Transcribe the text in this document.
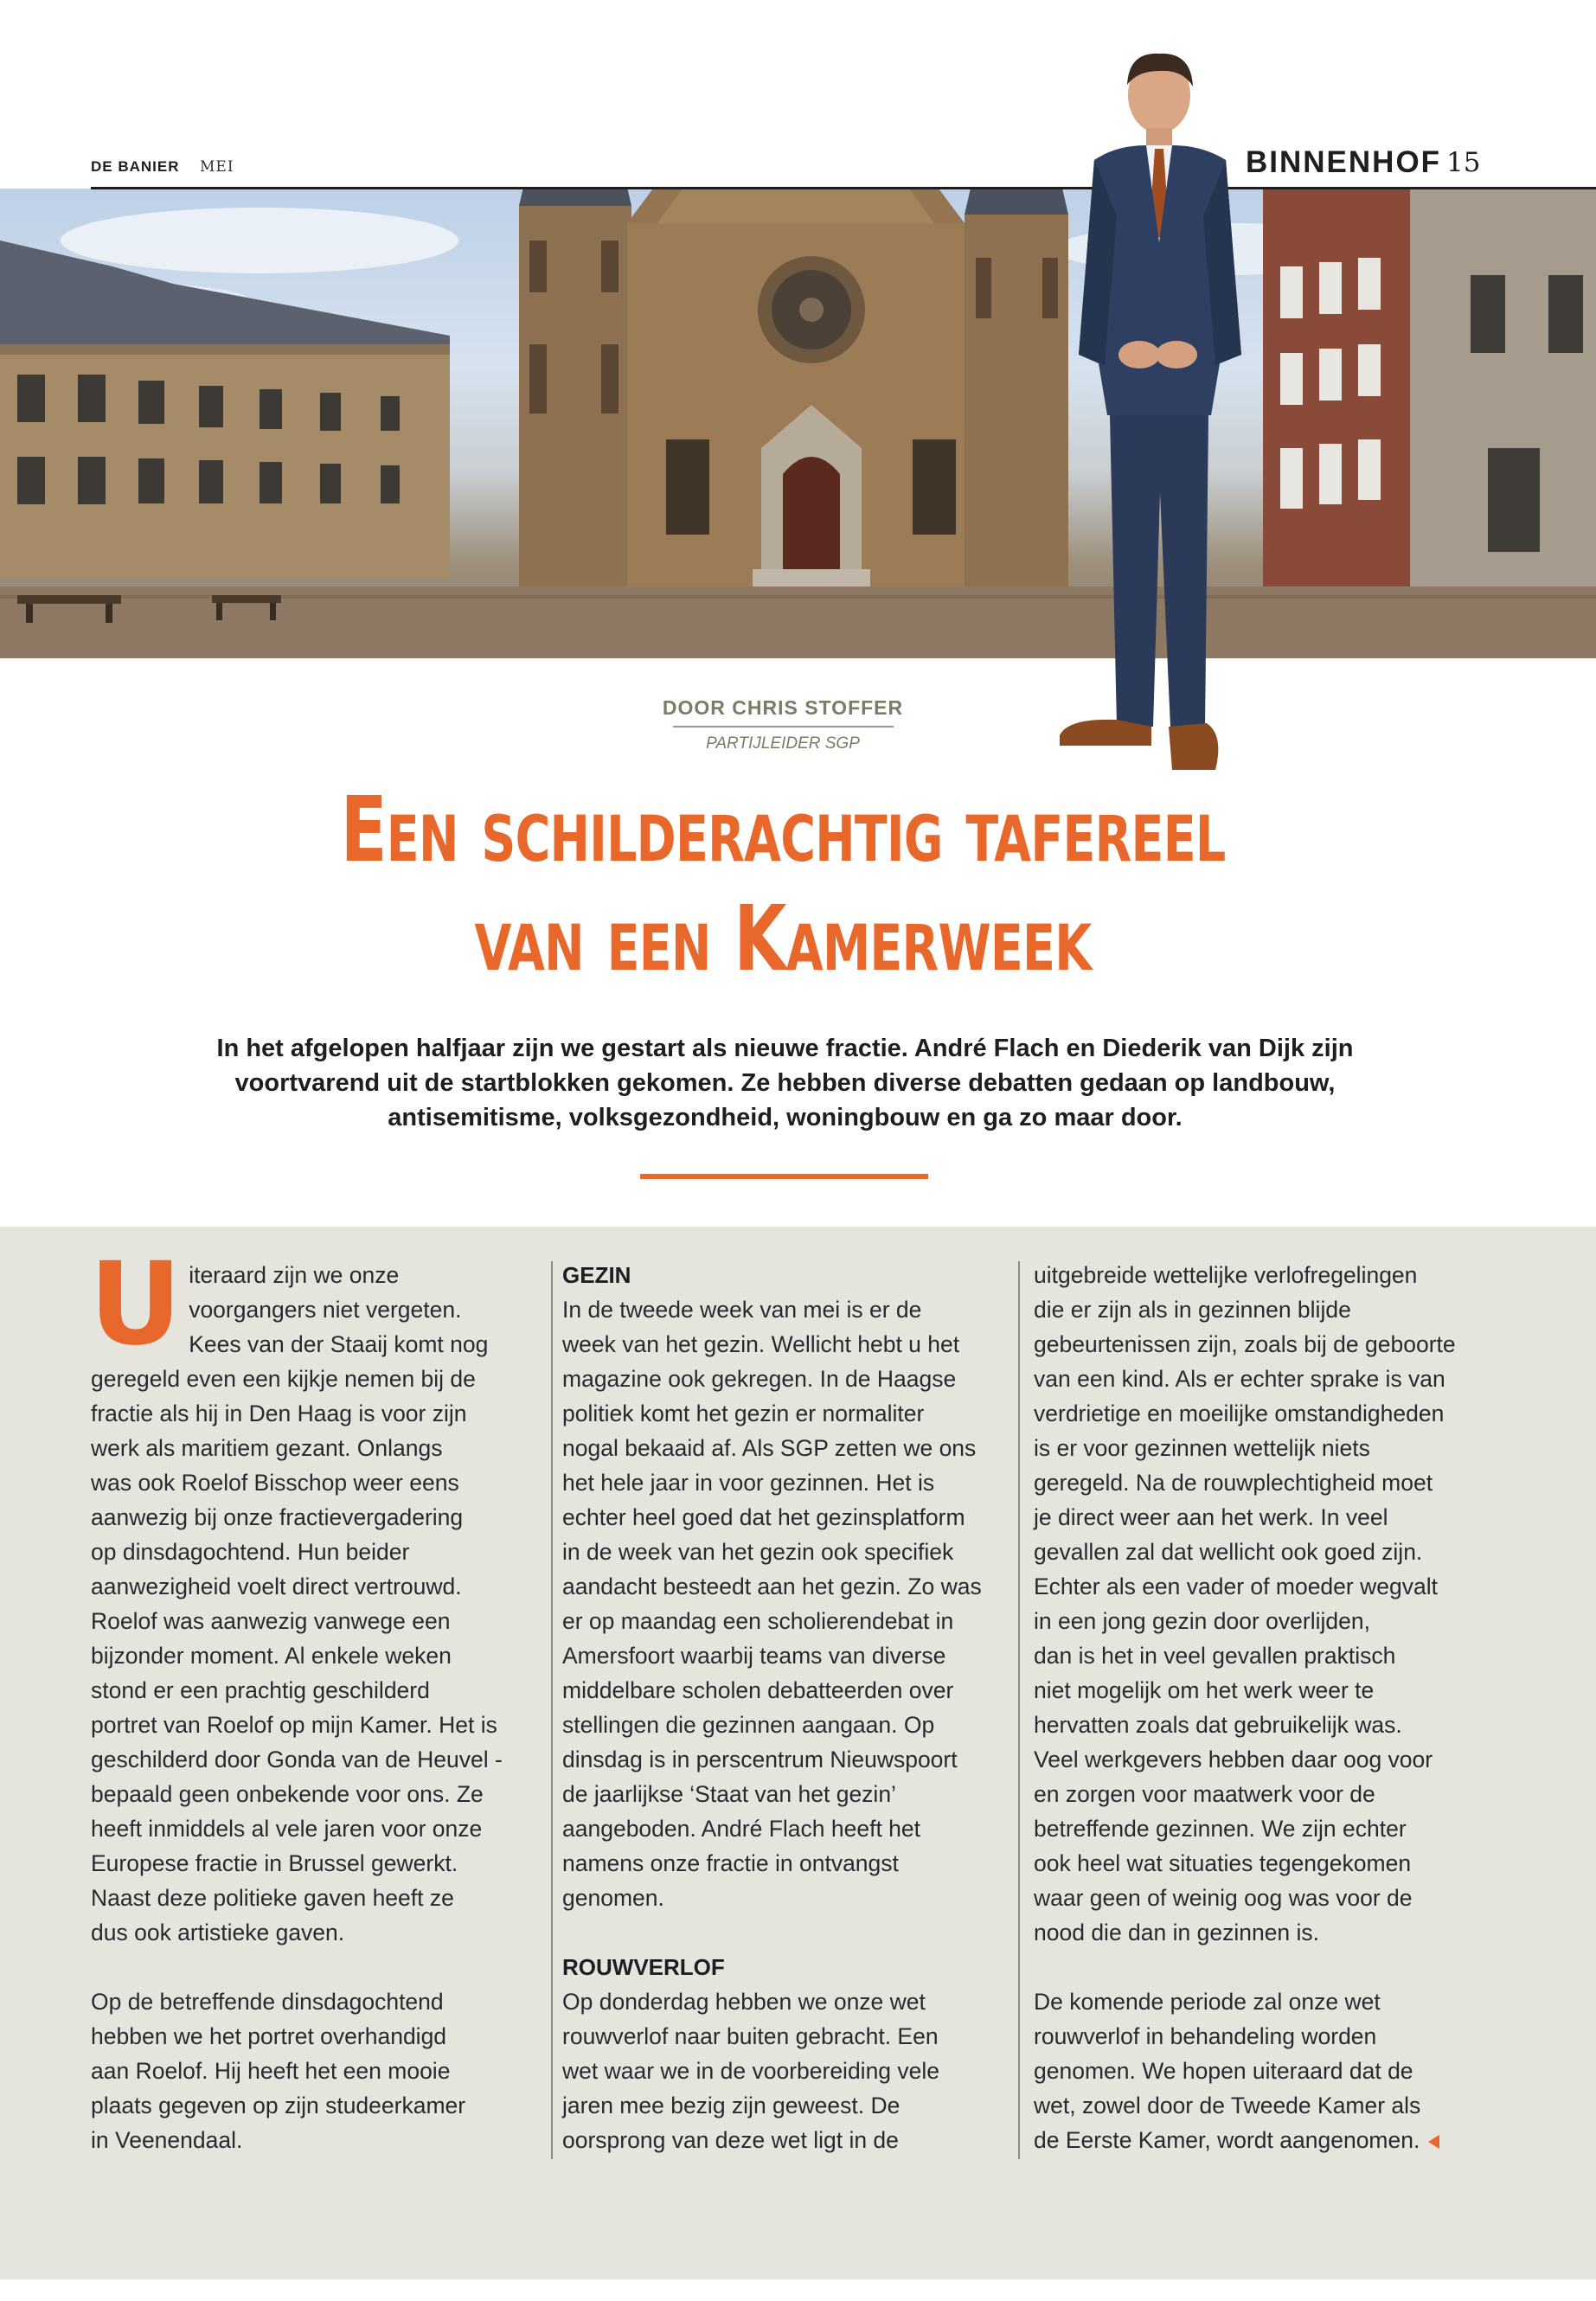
DE BANIER MEI	BINNENHOF 15
DOOR CHRIS STOFFER
PARTIJLEIDER SGP
Een schilderachtig tafereel
van een Kamerweek
In het afgelopen halfjaar zijn we gestart als nieuwe fractie. André Flach en Diederik van Dijk zijn voortvarend uit de startblokken gekomen. Ze hebben diverse debatten gedaan op landbouw, antisemitisme, volksgezondheid, woningbouw en ga zo maar door.
U iteraard zijn we onze

voorgangers niet vergeten.

Kees van der Staaij komt nog

geregeld even een kijkje nemen bij de

fractie als hij in Den Haag is voor zijn

werk als maritiem gezant. Onlangs

was ook Roelof Bisschop weer eens

aanwezig bij onze fractievergadering

op dinsdagochtend. Hun beider

aanwezigheid voelt direct vertrouwd.

Roelof was aanwezig vanwege een

bijzonder moment. Al enkele weken

stond er een prachtig geschilderd

portret van Roelof op mijn Kamer. Het is

geschilderd door Gonda van de Heuvel -

bepaald geen onbekende voor ons. Ze

heeft inmiddels al vele jaren voor onze

Europese fractie in Brussel gewerkt.

Naast deze politieke gaven heeft ze

dus ook artistieke gaven.

Op de betreffende dinsdagochtend

hebben we het portret overhandigd

aan Roelof. Hij heeft het een mooie

plaats gegeven op zijn studeerkamer

in Veenendaal.

GEZIN

In de tweede week van mei is er de

week van het gezin. Wellicht hebt u het

magazine ook gekregen. In de Haagse

politiek komt het gezin er normaliter

nogal bekaaid af. Als SGP zetten we ons

het hele jaar in voor gezinnen. Het is

echter heel goed dat het gezinsplatform

in de week van het gezin ook specifiek

aandacht besteedt aan het gezin. Zo was

er op maandag een scholierendebat in

Amersfoort waarbij teams van diverse

middelbare scholen debatteerden over

stellingen die gezinnen aangaan. Op

dinsdag is in perscentrum Nieuwspoort

de jaarlijkse ‘Staat van het gezin’

aangeboden. André Flach heeft het

namens onze fractie in ontvangst

genomen.

ROUWVERLOF

Op donderdag hebben we onze wet

rouwverlof naar buiten gebracht. Een

wet waar we in de voorbereiding vele

jaren mee bezig zijn geweest. De

oorsprong van deze wet ligt in de

uitgebreide wettelijke verlofregelingen

die er zijn als in gezinnen blijde

gebeurtenissen zijn, zoals bij de geboorte

van een kind. Als er echter sprake is van

verdrietige en moeilijke omstandigheden

is er voor gezinnen wettelijk niets

geregeld. Na de rouwplechtigheid moet

je direct weer aan het werk. In veel

gevallen zal dat wellicht ook goed zijn.

Echter als een vader of moeder wegvalt

in een jong gezin door overlijden,

dan is het in veel gevallen praktisch

niet mogelijk om het werk weer te

hervatten zoals dat gebruikelijk was.

Veel werkgevers hebben daar oog voor

en zorgen voor maatwerk voor de

betreffende gezinnen. We zijn echter

ook heel wat situaties tegengekomen

waar geen of weinig oog was voor de

nood die dan in gezinnen is.

De komende periode zal onze wet

rouwverlof in behandeling worden

genomen. We hopen uiteraard dat de

wet, zowel door de Tweede Kamer als

de Eerste Kamer, wordt aangenomen.
